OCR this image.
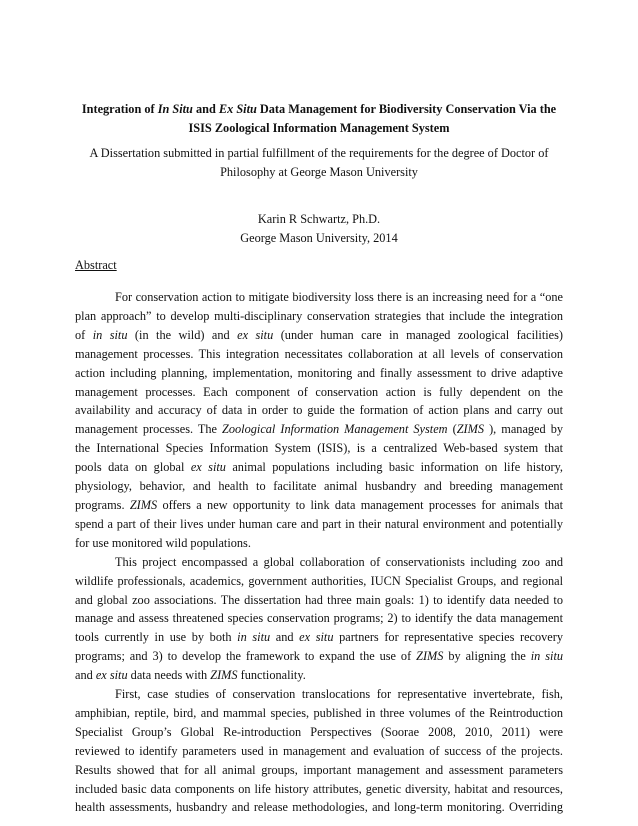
Integration of In Situ and Ex Situ Data Management for Biodiversity Conservation Via the
ISIS Zoological Information Management System
A Dissertation submitted in partial fulfillment of the requirements for the degree of Doctor of
Philosophy at George Mason University
Karin R Schwartz, Ph.D.
George Mason University, 2014
Abstract
For conservation action to mitigate biodiversity loss there is an increasing need for a “one
plan approach” to develop multi-disciplinary conservation strategies that include the integration
of in situ (in the wild) and ex situ (under human care in managed zoological facilities)
management processes. This integration necessitates collaboration at all levels of conservation
action including planning, implementation, monitoring and finally assessment to drive adaptive
management processes. Each component of conservation action is fully dependent on the
availability and accuracy of data in order to guide the formation of action plans and carry out
management processes. The Zoological Information Management System (ZIMS ), managed by
the International Species Information System (ISIS), is a centralized Web-based system that
pools data on global ex situ animal populations including basic information on life history,
physiology, behavior, and health to facilitate animal husbandry and breeding management
programs. ZIMS offers a new opportunity to link data management processes for animals that
spend a part of their lives under human care and part in their natural environment and potentially
for use monitored wild populations.
This project encompassed a global collaboration of conservationists including zoo and
wildlife professionals, academics, government authorities, IUCN Specialist Groups, and regional
and global zoo associations. The dissertation had three main goals: 1) to identify data needed to
manage and assess threatened species conservation programs; 2) to identify the data management
tools currently in use by both in situ and ex situ partners for representative species recovery
programs; and 3) to develop the framework to expand the use of ZIMS by aligning the in situ
and ex situ data needs with ZIMS functionality.
First, case studies of conservation translocations for representative invertebrate, fish,
amphibian, reptile, bird, and mammal species, published in three volumes of the Reintroduction
Specialist Group’s Global Re-introduction Perspectives (Soorae 2008, 2010, 2011) were
reviewed to identify parameters used in management and evaluation of success of the projects.
Results showed that for all animal groups, important management and assessment parameters
included basic data components on life history attributes, genetic diversity, habitat and resources,
health assessments, husbandry and release methodologies, and long-term monitoring. Overriding
